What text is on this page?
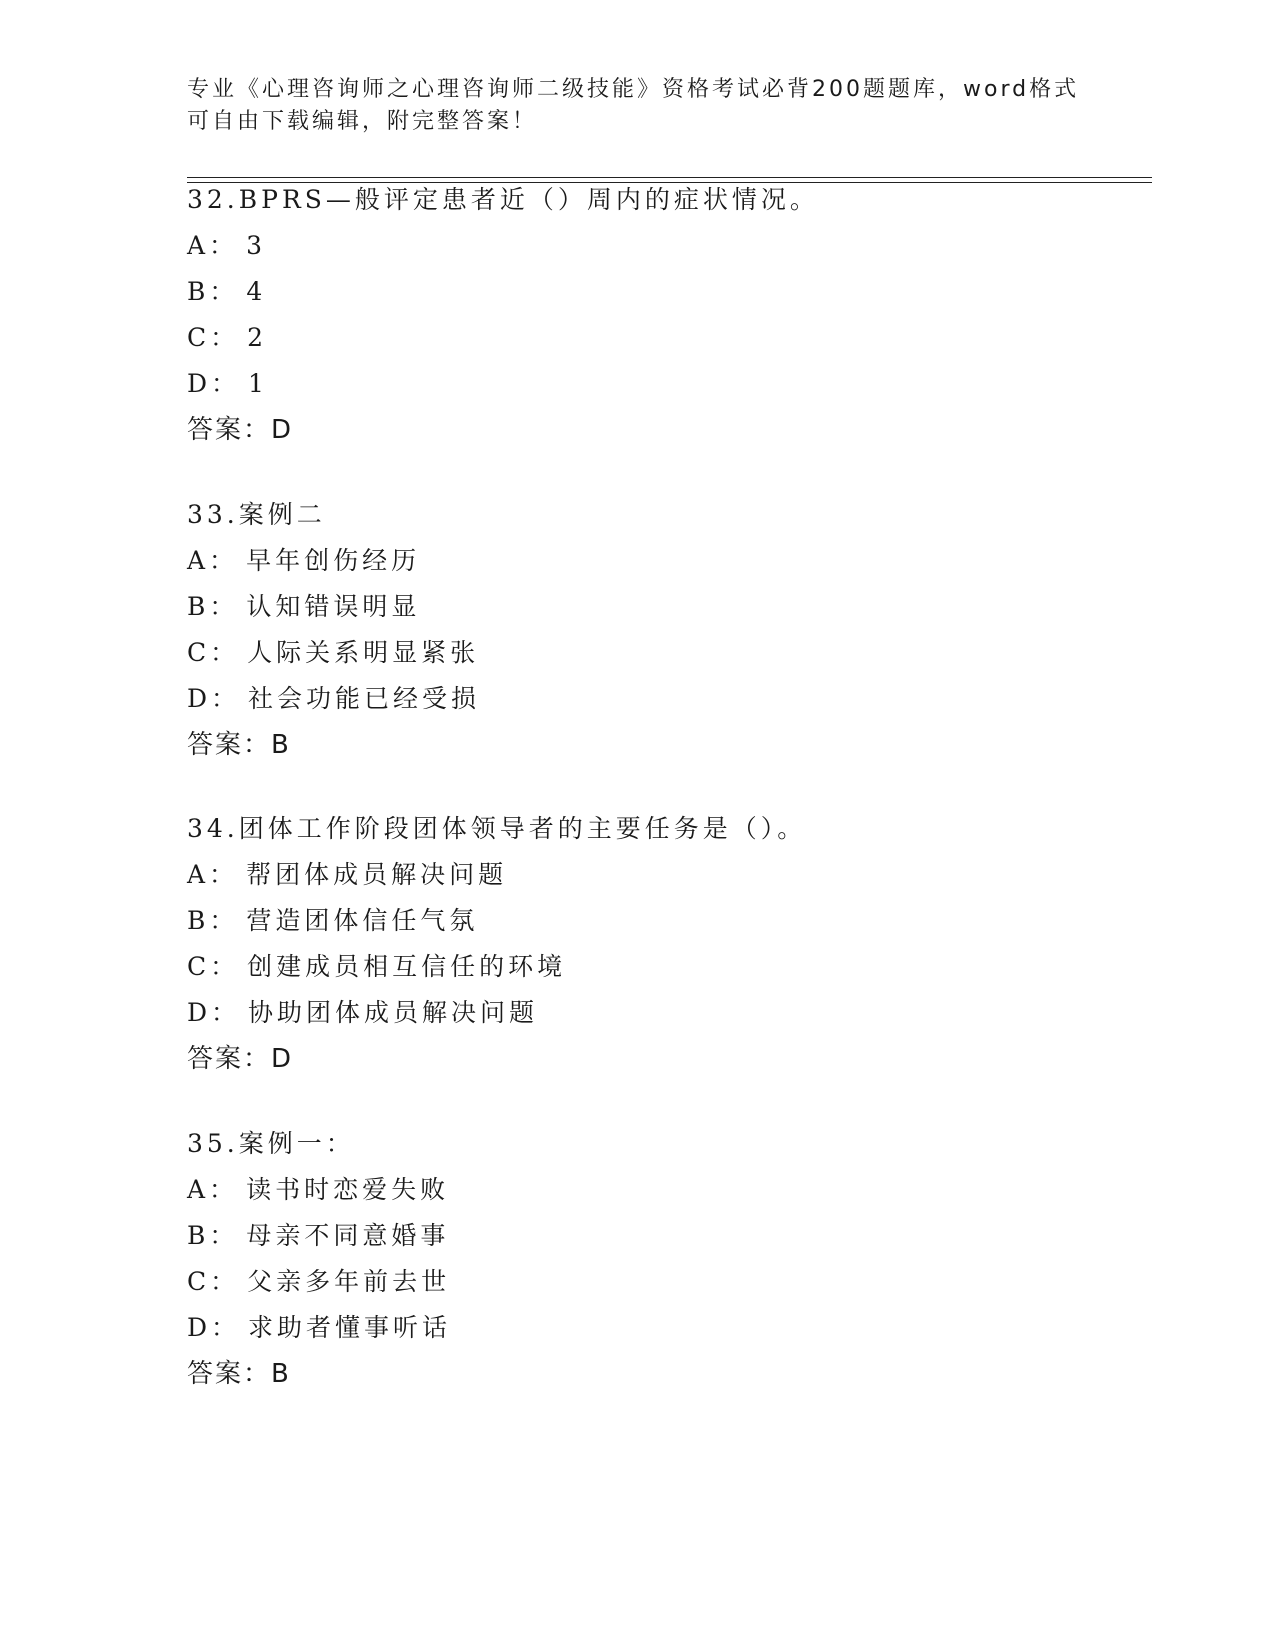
专业《心理咨询师之心理咨询师二级技能》资格考试必背200题题库，word格式
可自由下载编辑，附完整答案！
32.BPRS—般评定患者近（）周内的症状情况。
A： 3
B： 4
C： 2
D： 1
答案：D
33.案例二
A： 早年创伤经历
B： 认知错误明显
C： 人际关系明显紧张
D： 社会功能已经受损
答案：B
34.团体工作阶段团体领导者的主要任务是（）。
A： 帮团体成员解决问题
B： 营造团体信任气氛
C： 创建成员相互信任的环境
D： 协助团体成员解决问题
答案：D
35.案例一：
A： 读书时恋爱失败
B： 母亲不同意婚事
C： 父亲多年前去世
D： 求助者懂事听话
答案：B
